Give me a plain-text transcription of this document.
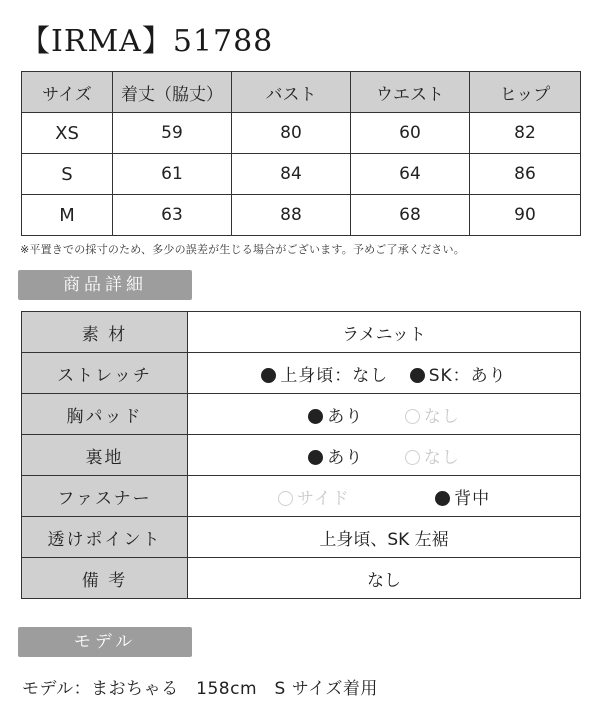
【IRMA】51788
サイズ	着丈（脇丈）	バスト	ウエスト	ヒップ
XS	59	80	60	82
S	61	84	64	86
M	63	88	68	90
※平置きでの採寸のため、多少の誤差が生じる場合がございます。予めご了承ください。
商品詳細
素 材	ラメニット
ストレッチ	上身頃：なし SK：あり
胸パッド	あり なし
裏地	あり なし
ファスナー	サイド 背中
透けポイント	上身頃、SK 左裾
備 考	なし
モデル
モデル：まおちゃる　158cm　S サイズ着用
